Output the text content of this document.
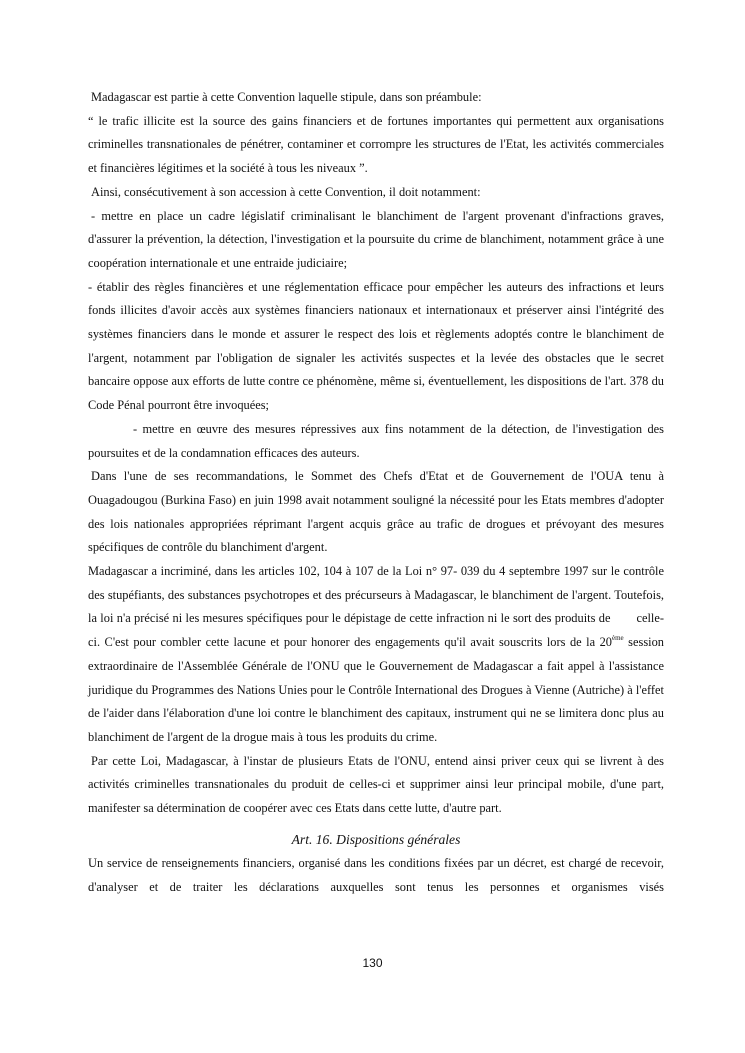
Madagascar est partie à cette Convention laquelle stipule, dans son préambule:

“ le trafic illicite est la source des gains financiers et de fortunes importantes qui permettent aux organisations criminelles transnationales de pénétrer, contaminer et corrompre les structures de l'Etat, les activités commerciales et financières légitimes et la société à tous les niveaux ”.

Ainsi, consécutivement à son accession à cette Convention, il doit notamment:

- mettre en place un cadre législatif criminalisant le blanchiment de l'argent provenant d'infractions graves, d'assurer la prévention, la détection, l'investigation et la poursuite du crime de blanchiment, notamment grâce à une coopération internationale et une entraide judiciaire;

- établir des règles financières et une réglementation efficace pour empêcher les auteurs des infractions et leurs fonds illicites d'avoir accès aux systèmes financiers nationaux et internationaux et préserver ainsi l'intégrité des systèmes financiers dans le monde et assurer le respect des lois et règlements adoptés contre le blanchiment de l'argent, notamment par l'obligation de signaler les activités suspectes et la levée des obstacles que le secret bancaire oppose aux efforts de lutte contre ce phénomène, même si, éventuellement, les dispositions de l'art. 378 du Code Pénal pourront être invoquées;

- mettre en œuvre des mesures répressives aux fins notamment de la détection, de l'investigation des poursuites et de la condamnation efficaces des auteurs.

Dans l'une de ses recommandations, le Sommet des Chefs d'Etat et de Gouvernement de l'OUA tenu à Ouagadougou (Burkina Faso) en juin 1998 avait notamment souligné la nécessité pour les Etats membres d'adopter des lois nationales appropriées réprimant l'argent acquis grâce au trafic de drogues et prévoyant des mesures spécifiques de contrôle du blanchiment d'argent.

Madagascar a incriminé, dans les articles 102, 104 à 107 de la Loi n° 97- 039 du 4 septembre 1997 sur le contrôle des stupéfiants, des substances psychotropes et des précurseurs à Madagascar, le blanchiment de l'argent. Toutefois, la loi n'a précisé ni les mesures spécifiques pour le dépistage de cette infraction ni le sort des produits de celle-ci. C'est pour combler cette lacune et pour honorer des engagements qu'il avait souscrits lors de la 20ème session extraordinaire de l'Assemblée Générale de l'ONU que le Gouvernement de Madagascar a fait appel à l'assistance juridique du Programmes des Nations Unies pour le Contrôle International des Drogues à Vienne (Autriche) à l'effet de l'aider dans l'élaboration d'une loi contre le blanchiment des capitaux, instrument qui ne se limitera donc plus au blanchiment de l'argent de la drogue mais à tous les produits du crime.

Par cette Loi, Madagascar, à l'instar de plusieurs Etats de l'ONU, entend ainsi priver ceux qui se livrent à des activités criminelles transnationales du produit de celles-ci et supprimer ainsi leur principal mobile, d'une part, manifester sa détermination de coopérer avec ces Etats dans cette lutte, d'autre part.

Art. 16. Dispositions générales

Un service de renseignements financiers, organisé dans les conditions fixées par un décret, est chargé de recevoir, d'analyser et de traiter les déclarations auxquelles sont tenus les personnes et organismes visés

130
